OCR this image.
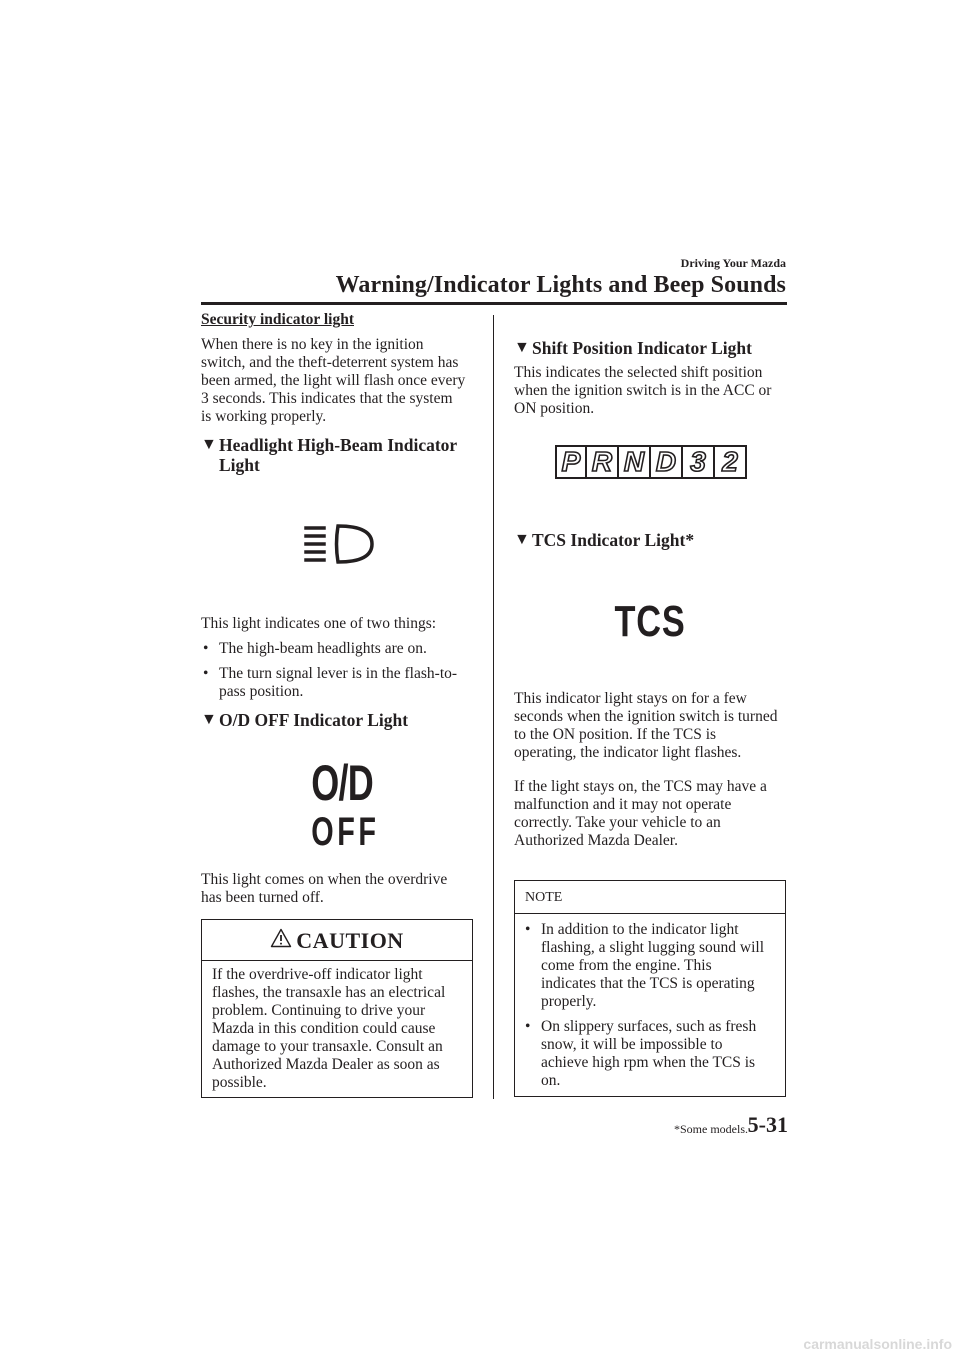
Driving Your Mazda
Warning/Indicator Lights and Beep Sounds
Security indicator light
When there is no key in the ignition
switch, and the theft-deterrent system has
been armed, the light will flash once every
3 seconds. This indicates that the system
is working properly.
▼ Headlight High-Beam Indicator
Light
This light indicates one of two things:
• The high-beam headlights are on.
• The turn signal lever is in the flash-to-
pass position.
▼ O/D OFF Indicator Light
O/D
OFF
This light comes on when the overdrive
has been turned off.
CAUTION
If the overdrive-off indicator light
flashes, the transaxle has an electrical
problem. Continuing to drive your
Mazda in this condition could cause
damage to your transaxle. Consult an
Authorized Mazda Dealer as soon as
possible.
▼ Shift Position Indicator Light
This indicates the selected shift position
when the ignition switch is in the ACC or
ON position.
P R N D 3 2
▼ TCS Indicator Light*
TCS
This indicator light stays on for a few
seconds when the ignition switch is turned
to the ON position. If the TCS is
operating, the indicator light flashes.
If the light stays on, the TCS may have a
malfunction and it may not operate
correctly. Take your vehicle to an
Authorized Mazda Dealer.
NOTE
• In addition to the indicator light
flashing, a slight lugging sound will
come from the engine. This
indicates that the TCS is operating
properly.
• On slippery surfaces, such as fresh
snow, it will be impossible to
achieve high rpm when the TCS is
on.
*Some models. 5-31
carmanualsonline.info
